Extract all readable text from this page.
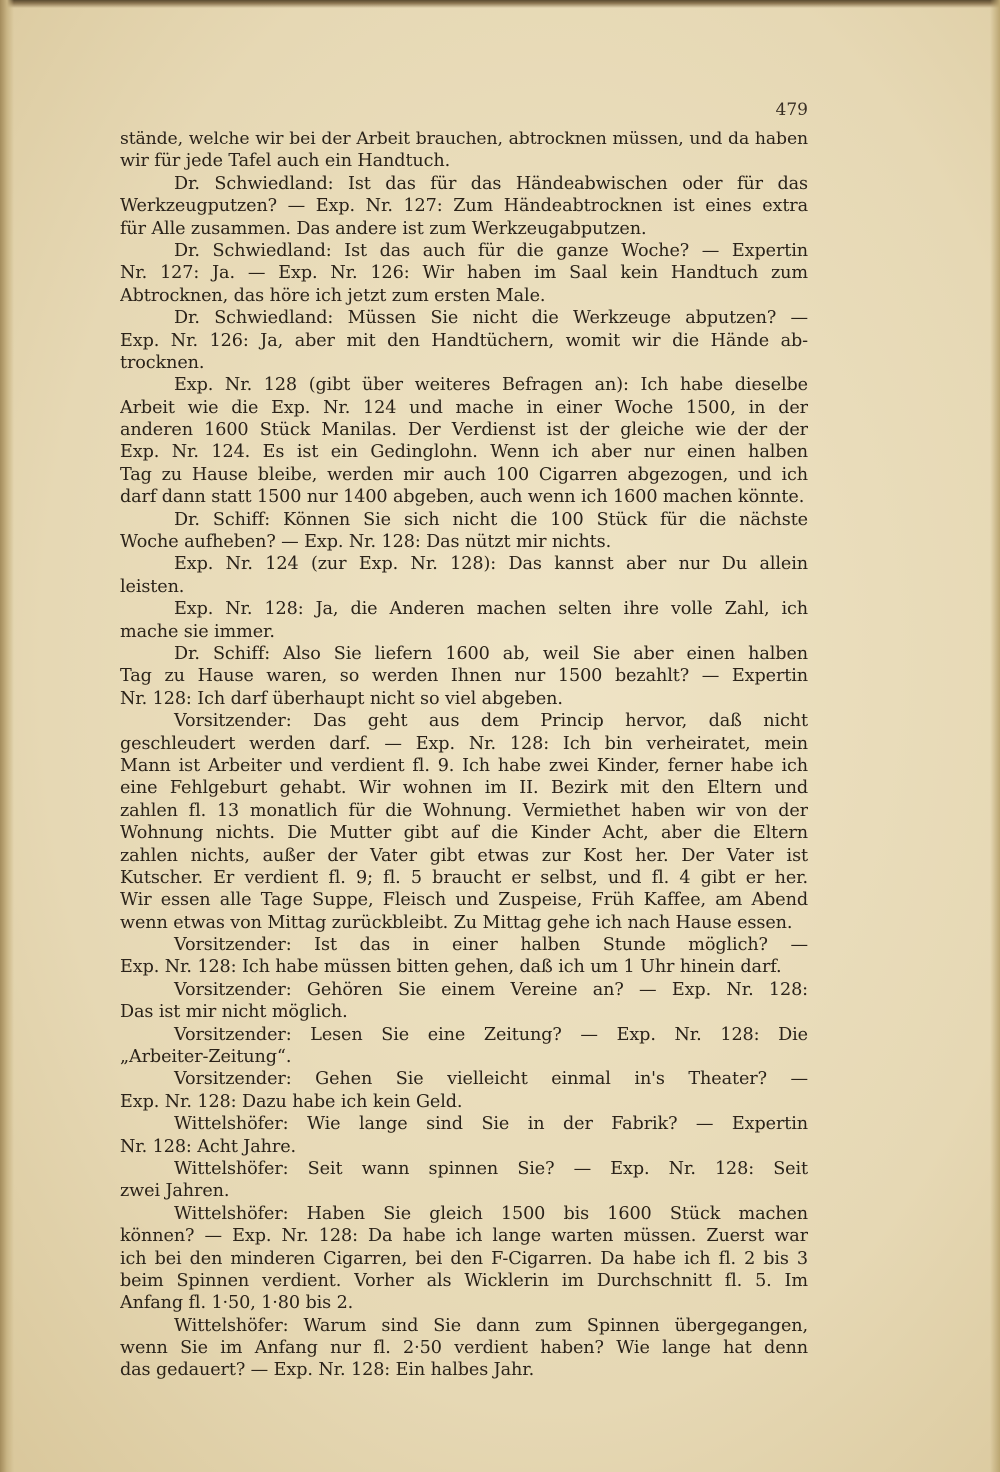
479
stände, welche wir bei der Arbeit brauchen, abtrocknen müssen, und da haben
wir für jede Tafel auch ein Handtuch.
Dr. Schwiedland: Ist das für das Händeabwischen oder für das
Werkzeugputzen? — Exp. Nr. 127: Zum Händeabtrocknen ist eines extra
für Alle zusammen. Das andere ist zum Werkzeugabputzen.
Dr. Schwiedland: Ist das auch für die ganze Woche? — Expertin
Nr. 127: Ja. — Exp. Nr. 126: Wir haben im Saal kein Handtuch zum
Abtrocknen, das höre ich jetzt zum ersten Male.
Dr. Schwiedland: Müssen Sie nicht die Werkzeuge abputzen? —
Exp. Nr. 126: Ja, aber mit den Handtüchern, womit wir die Hände ab-
trocknen.
Exp. Nr. 128 (gibt über weiteres Befragen an): Ich habe dieselbe
Arbeit wie die Exp. Nr. 124 und mache in einer Woche 1500, in der
anderen 1600 Stück Manilas. Der Verdienst ist der gleiche wie der der
Exp. Nr. 124. Es ist ein Gedinglohn. Wenn ich aber nur einen halben
Tag zu Hause bleibe, werden mir auch 100 Cigarren abgezogen, und ich
darf dann statt 1500 nur 1400 abgeben, auch wenn ich 1600 machen könnte.
Dr. Schiff: Können Sie sich nicht die 100 Stück für die nächste
Woche aufheben? — Exp. Nr. 128: Das nützt mir nichts.
Exp. Nr. 124 (zur Exp. Nr. 128): Das kannst aber nur Du allein
leisten.
Exp. Nr. 128: Ja, die Anderen machen selten ihre volle Zahl, ich
mache sie immer.
Dr. Schiff: Also Sie liefern 1600 ab, weil Sie aber einen halben
Tag zu Hause waren, so werden Ihnen nur 1500 bezahlt? — Expertin
Nr. 128: Ich darf überhaupt nicht so viel abgeben.
Vorsitzender: Das geht aus dem Princip hervor, daß nicht
geschleudert werden darf. — Exp. Nr. 128: Ich bin verheiratet, mein
Mann ist Arbeiter und verdient fl. 9. Ich habe zwei Kinder, ferner habe ich
eine Fehlgeburt gehabt. Wir wohnen im II. Bezirk mit den Eltern und
zahlen fl. 13 monatlich für die Wohnung. Vermiethet haben wir von der
Wohnung nichts. Die Mutter gibt auf die Kinder Acht, aber die Eltern
zahlen nichts, außer der Vater gibt etwas zur Kost her. Der Vater ist
Kutscher. Er verdient fl. 9; fl. 5 braucht er selbst, und fl. 4 gibt er her.
Wir essen alle Tage Suppe, Fleisch und Zuspeise, Früh Kaffee, am Abend
wenn etwas von Mittag zurückbleibt. Zu Mittag gehe ich nach Hause essen.
Vorsitzender: Ist das in einer halben Stunde möglich? —
Exp. Nr. 128: Ich habe müssen bitten gehen, daß ich um 1 Uhr hinein darf.
Vorsitzender: Gehören Sie einem Vereine an? — Exp. Nr. 128:
Das ist mir nicht möglich.
Vorsitzender: Lesen Sie eine Zeitung? — Exp. Nr. 128: Die
„Arbeiter-Zeitung“.
Vorsitzender: Gehen Sie vielleicht einmal in's Theater? —
Exp. Nr. 128: Dazu habe ich kein Geld.
Wittelshöfer: Wie lange sind Sie in der Fabrik? — Expertin
Nr. 128: Acht Jahre.
Wittelshöfer: Seit wann spinnen Sie? — Exp. Nr. 128: Seit
zwei Jahren.
Wittelshöfer: Haben Sie gleich 1500 bis 1600 Stück machen
können? — Exp. Nr. 128: Da habe ich lange warten müssen. Zuerst war
ich bei den minderen Cigarren, bei den F-Cigarren. Da habe ich fl. 2 bis 3
beim Spinnen verdient. Vorher als Wicklerin im Durchschnitt fl. 5. Im
Anfang fl. 1·50, 1·80 bis 2.
Wittelshöfer: Warum sind Sie dann zum Spinnen übergegangen,
wenn Sie im Anfang nur fl. 2·50 verdient haben? Wie lange hat denn
das gedauert? — Exp. Nr. 128: Ein halbes Jahr.
